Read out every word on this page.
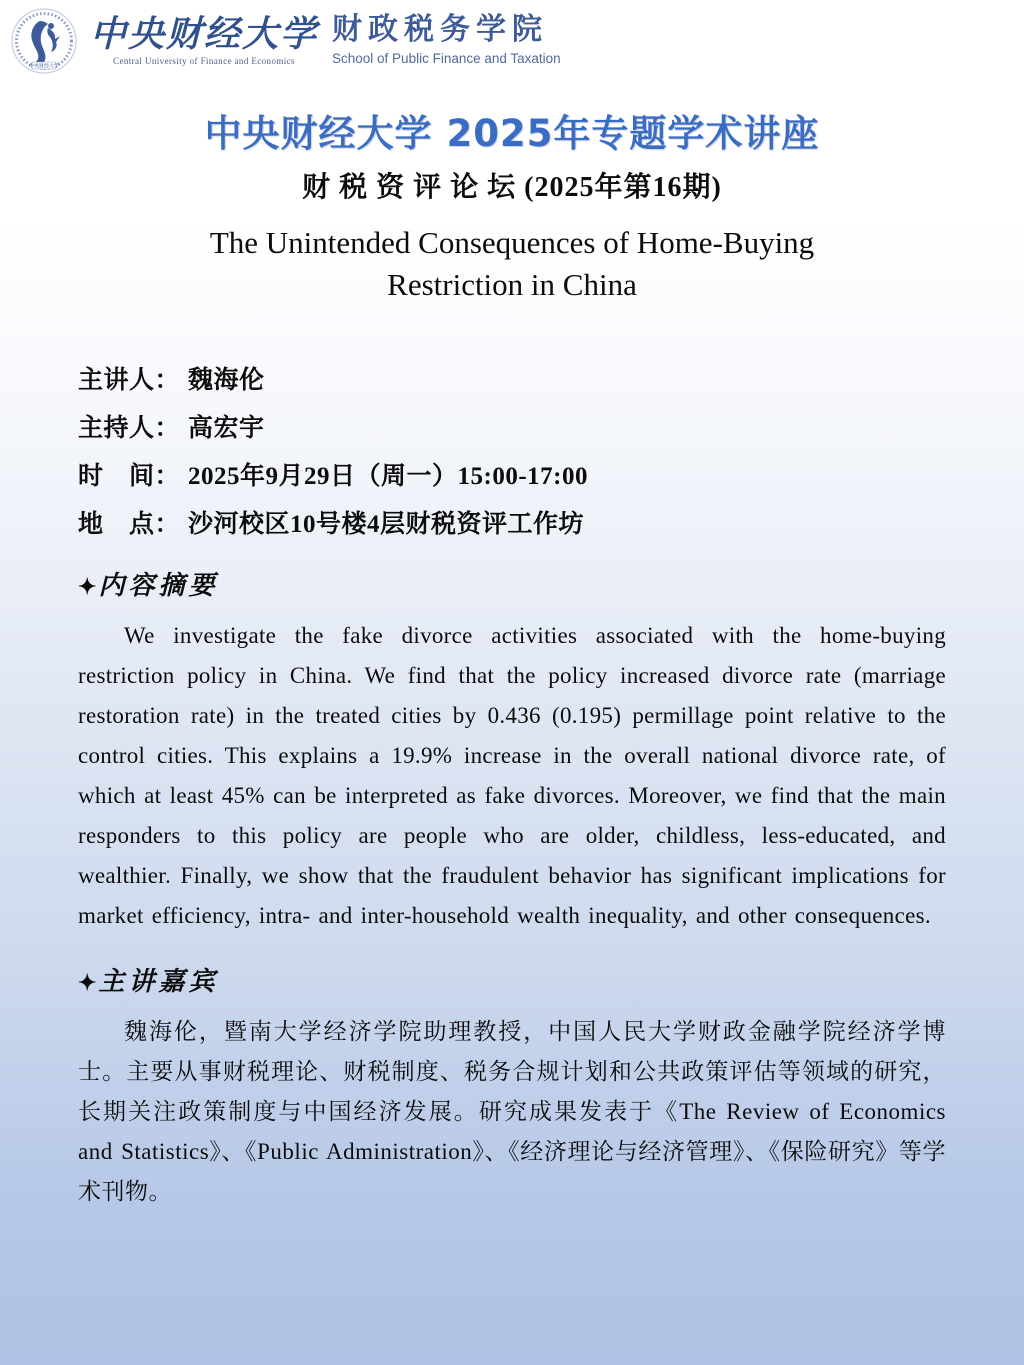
中央财经大学
中央财经大学
Central University of Finance and Economics
财政税务学院
School of Public Finance and Taxation
中央财经大学 2025年专题学术讲座
财 税 资 评 论 坛 (2025年第16期)
The Unintended Consequences of Home-Buying
Restriction in China
主讲人： 魏海伦
主持人： 高宏宇
时　间： 2025年9月29日（周一）15:00-17:00
地　点： 沙河校区10号楼4层财税资评工作坊
✦内容摘要
We investigate the fake divorce activities associated with the home-buying restriction policy in China. We find that the policy increased divorce rate (marriage restoration rate) in the treated cities by 0.436 (0.195) permillage point relative to the control cities. This explains a 19.9% increase in the overall national divorce rate, of which at least 45% can be interpreted as fake divorces. Moreover, we find that the main responders to this policy are people who are older, childless, less-educated, and wealthier. Finally, we show that the fraudulent behavior has significant implications for market efficiency, intra- and inter-household wealth inequality, and other consequences.
✦主讲嘉宾
魏海伦，暨南大学经济学院助理教授，中国人民大学财政金融学院经济学博士。主要从事财税理论、财税制度、税务合规计划和公共政策评估等领域的研究，长期关注政策制度与中国经济发展。研究成果发表于《The Review of Economics and Statistics》、《Public Administration》、《经济理论与经济管理》、《保险研究》等学术刊物。
